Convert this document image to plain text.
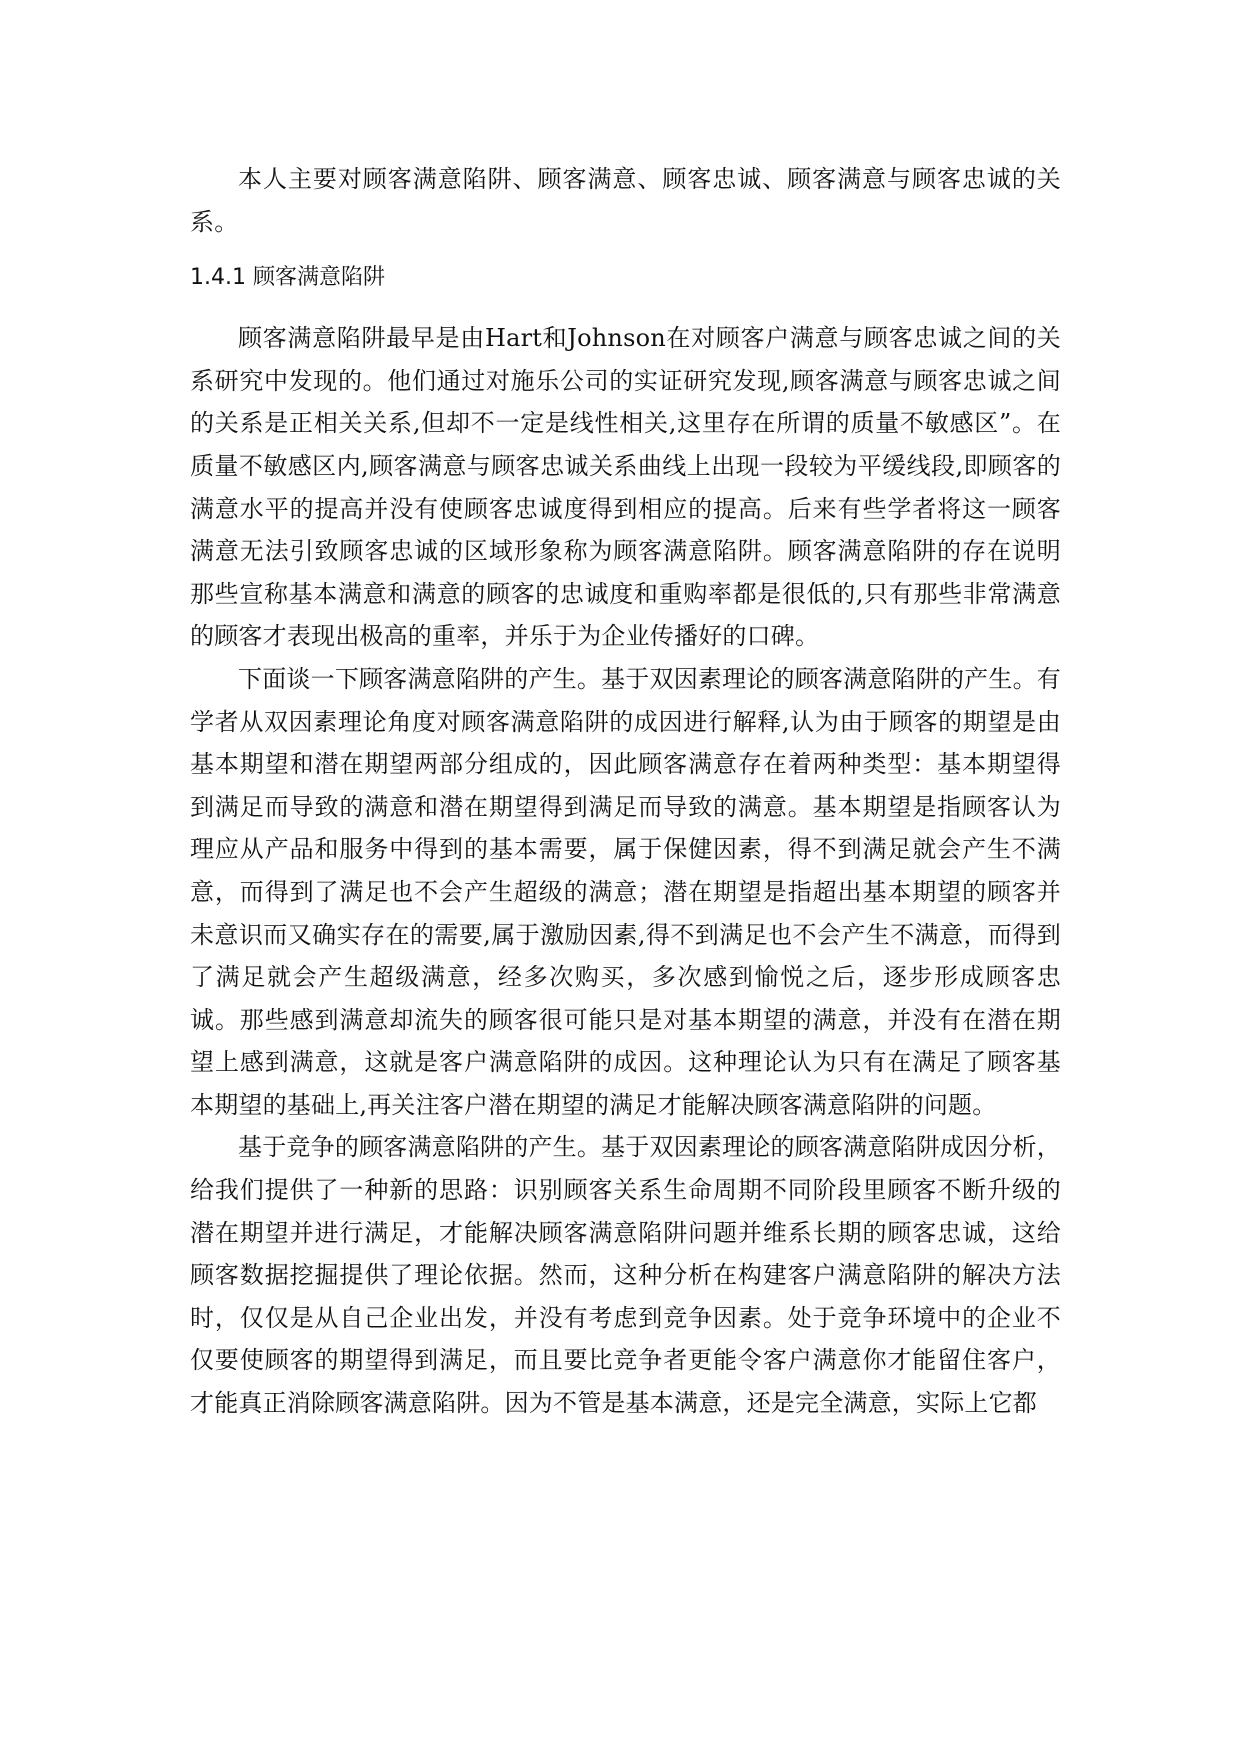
本人主要对顾客满意陷阱、顾客满意、顾客忠诚、顾客满意与顾客忠诚的关系。

1.4.1 顾客满意陷阱

顾客满意陷阱最早是由Hart和Johnson在对顾客户满意与顾客忠诚之间的关系研究中发现的。他们通过对施乐公司的实证研究发现,顾客满意与顾客忠诚之间的关系是正相关关系,但却不一定是线性相关,这里存在所谓的质量不敏感区”。在质量不敏感区内,顾客满意与顾客忠诚关系曲线上出现一段较为平缓线段,即顾客的满意水平的提高并没有使顾客忠诚度得到相应的提高。后来有些学者将这一顾客满意无法引致顾客忠诚的区域形象称为顾客满意陷阱。顾客满意陷阱的存在说明那些宣称基本满意和满意的顾客的忠诚度和重购率都是很低的,只有那些非常满意的顾客才表现出极高的重率，并乐于为企业传播好的口碑。

下面谈一下顾客满意陷阱的产生。基于双因素理论的顾客满意陷阱的产生。有学者从双因素理论角度对顾客满意陷阱的成因进行解释,认为由于顾客的期望是由基本期望和潜在期望两部分组成的，因此顾客满意存在着两种类型：基本期望得到满足而导致的满意和潜在期望得到满足而导致的满意。基本期望是指顾客认为理应从产品和服务中得到的基本需要，属于保健因素，得不到满足就会产生不满意，而得到了满足也不会产生超级的满意；潜在期望是指超出基本期望的顾客并未意识而又确实存在的需要,属于激励因素,得不到满足也不会产生不满意，而得到了满足就会产生超级满意，经多次购买，多次感到愉悦之后，逐步形成顾客忠诚。那些感到满意却流失的顾客很可能只是对基本期望的满意，并没有在潜在期望上感到满意，这就是客户满意陷阱的成因。这种理论认为只有在满足了顾客基本期望的基础上,再关注客户潜在期望的满足才能解决顾客满意陷阱的问题。

基于竞争的顾客满意陷阱的产生。基于双因素理论的顾客满意陷阱成因分析，给我们提供了一种新的思路：识别顾客关系生命周期不同阶段里顾客不断升级的潜在期望并进行满足，才能解决顾客满意陷阱问题并维系长期的顾客忠诚，这给顾客数据挖掘提供了理论依据。然而，这种分析在构建客户满意陷阱的解决方法时，仅仅是从自己企业出发，并没有考虑到竞争因素。处于竞争环境中的企业不仅要使顾客的期望得到满足，而且要比竞争者更能令客户满意你才能留住客户，才能真正消除顾客满意陷阱。因为不管是基本满意，还是完全满意，实际上它都
